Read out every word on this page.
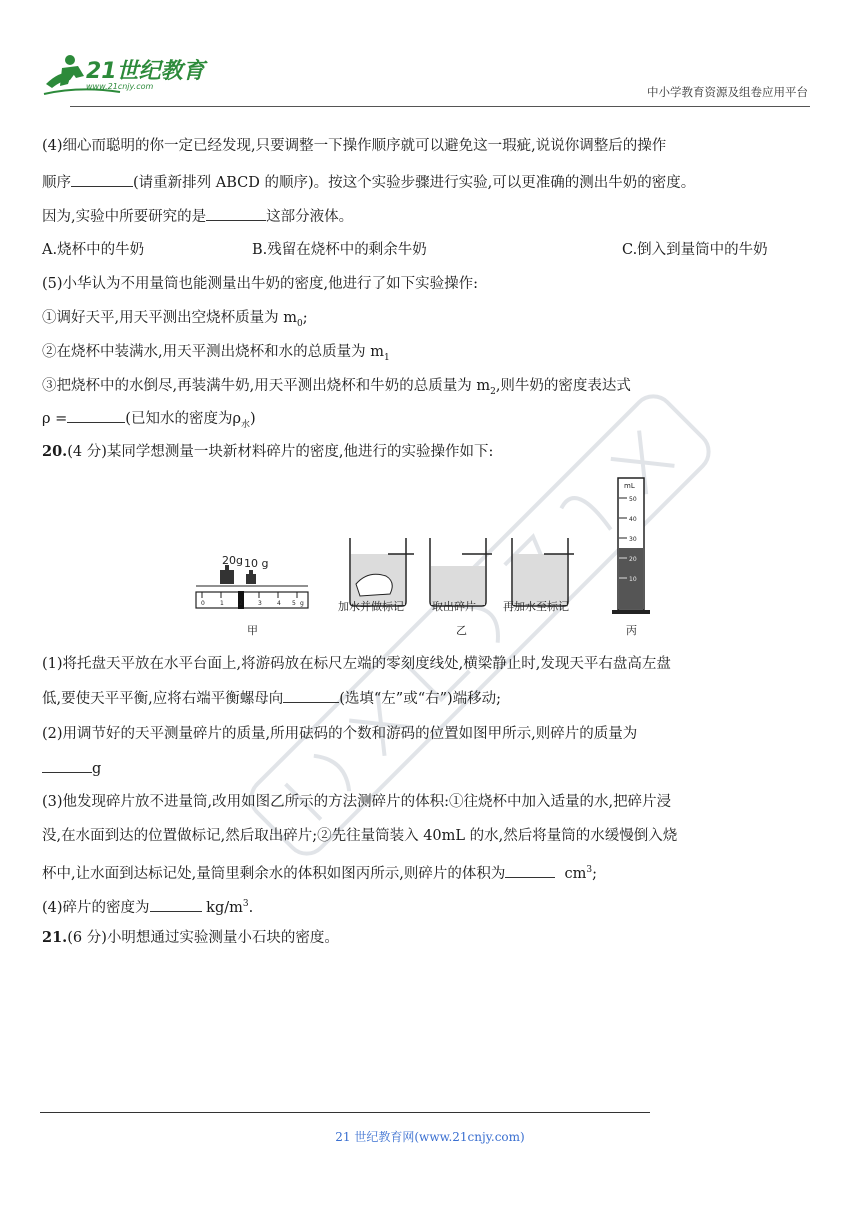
21世纪教育
www.21cnjy.com	中小学教育资源及组卷应用平台
(4)细心而聪明的你一定已经发现,只要调整一下操作顺序就可以避免这一瑕疵,说说你调整后的操作
顺序	(请重新排列 ABCD 的顺序)。按这个实验步骤进行实验,可以更准确的测出牛奶的密度。
因为,实验中所要研究的是	这部分液体。
A.烧杯中的牛奶	B.残留在烧杯中的剩余牛奶	C.倒入到量筒中的牛奶
(5)小华认为不用量筒也能测量出牛奶的密度,他进行了如下实验操作:
①调好天平,用天平测出空烧杯质量为 $m_0$;
②在烧杯中装满水,用天平测出烧杯和水的总质量为 $m_1$
③把烧杯中的水倒尽,再装满牛奶,用天平测出烧杯和牛奶的总质量为 $m_2$,则牛奶的密度表达式
ρ =	(已知水的密度为$\rho_水$)
20.(4 分)某同学想测量一块新材料碎片的密度,他进行的实验操作如下:
20g 10 g
0	1	2	3	4 5 g
甲
加水并做标记	取出碎片 再加水至标记
乙
mL
50
40
30
20
10
丙
(1)将托盘天平放在水平台面上,将游码放在标尺左端的零刻度线处,横梁静止时,发现天平右盘高左盘
低,要使天平平衡,应将右端平衡螺母向	(选填“左”或“右”)端移动;
(2)用调节好的天平测量碎片的质量,所用砝码的个数和游码的位置如图甲所示,则碎片的质量为
g
(3)他发现碎片放不进量筒,改用如图乙所示的方法测碎片的体积:①往烧杯中加入适量的水,把碎片浸
没,在水面到达的位置做标记,然后取出碎片;②先往量筒装入 40mL 的水,然后将量筒的水缓慢倒入烧
杯中,让水面到达标记处,量筒里剩余水的体积如图丙所示,则碎片的体积为	$cm^3$;
(4)碎片的密度为	$kg/m^3$.
21.(6 分)小明想通过实验测量小石块的密度。
21 世纪教育网(www.21cnjy.com)
